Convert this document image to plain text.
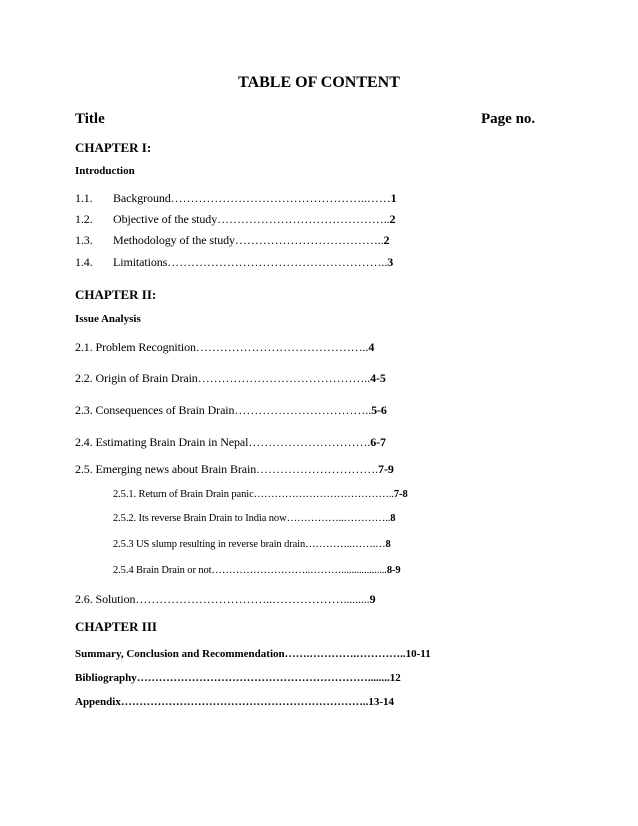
TABLE OF CONTENT
Title	Page no.
CHAPTER I:
Introduction
1.1. Background…………………………………………..……1
1.2. Objective of the study……………………………………..2
1.3. Methodology of the study………………………………..2
1.4. Limitations………………………………………………..3
CHAPTER II:
Issue Analysis
2.1. Problem Recognition……………………………………..4
2.2. Origin of Brain Drain……………………………………..4-5
2.3. Consequences of Brain Drain……………………………..5-6
2.4. Estimating Brain Drain in Nepal………………………….6-7
2.5. Emerging news about Brain Brain………………………….7-9
2.5.1. Return of Brain Drain panic…………………………………..7-8
2.5.2. Its reverse Brain Drain to India now……………..…………..8
2.5.3 US slump resulting in reverse brain drain…………..…….…8
2.5.4 Brain Drain or not………………………..………..................8-9
2.6. Solution……………………………..……………….........9
CHAPTER III
Summary, Conclusion and Recommendation…….………….…………..10-11
Bibliography………………………………………………………........12
Appendix…………………………………………………………..13-14
